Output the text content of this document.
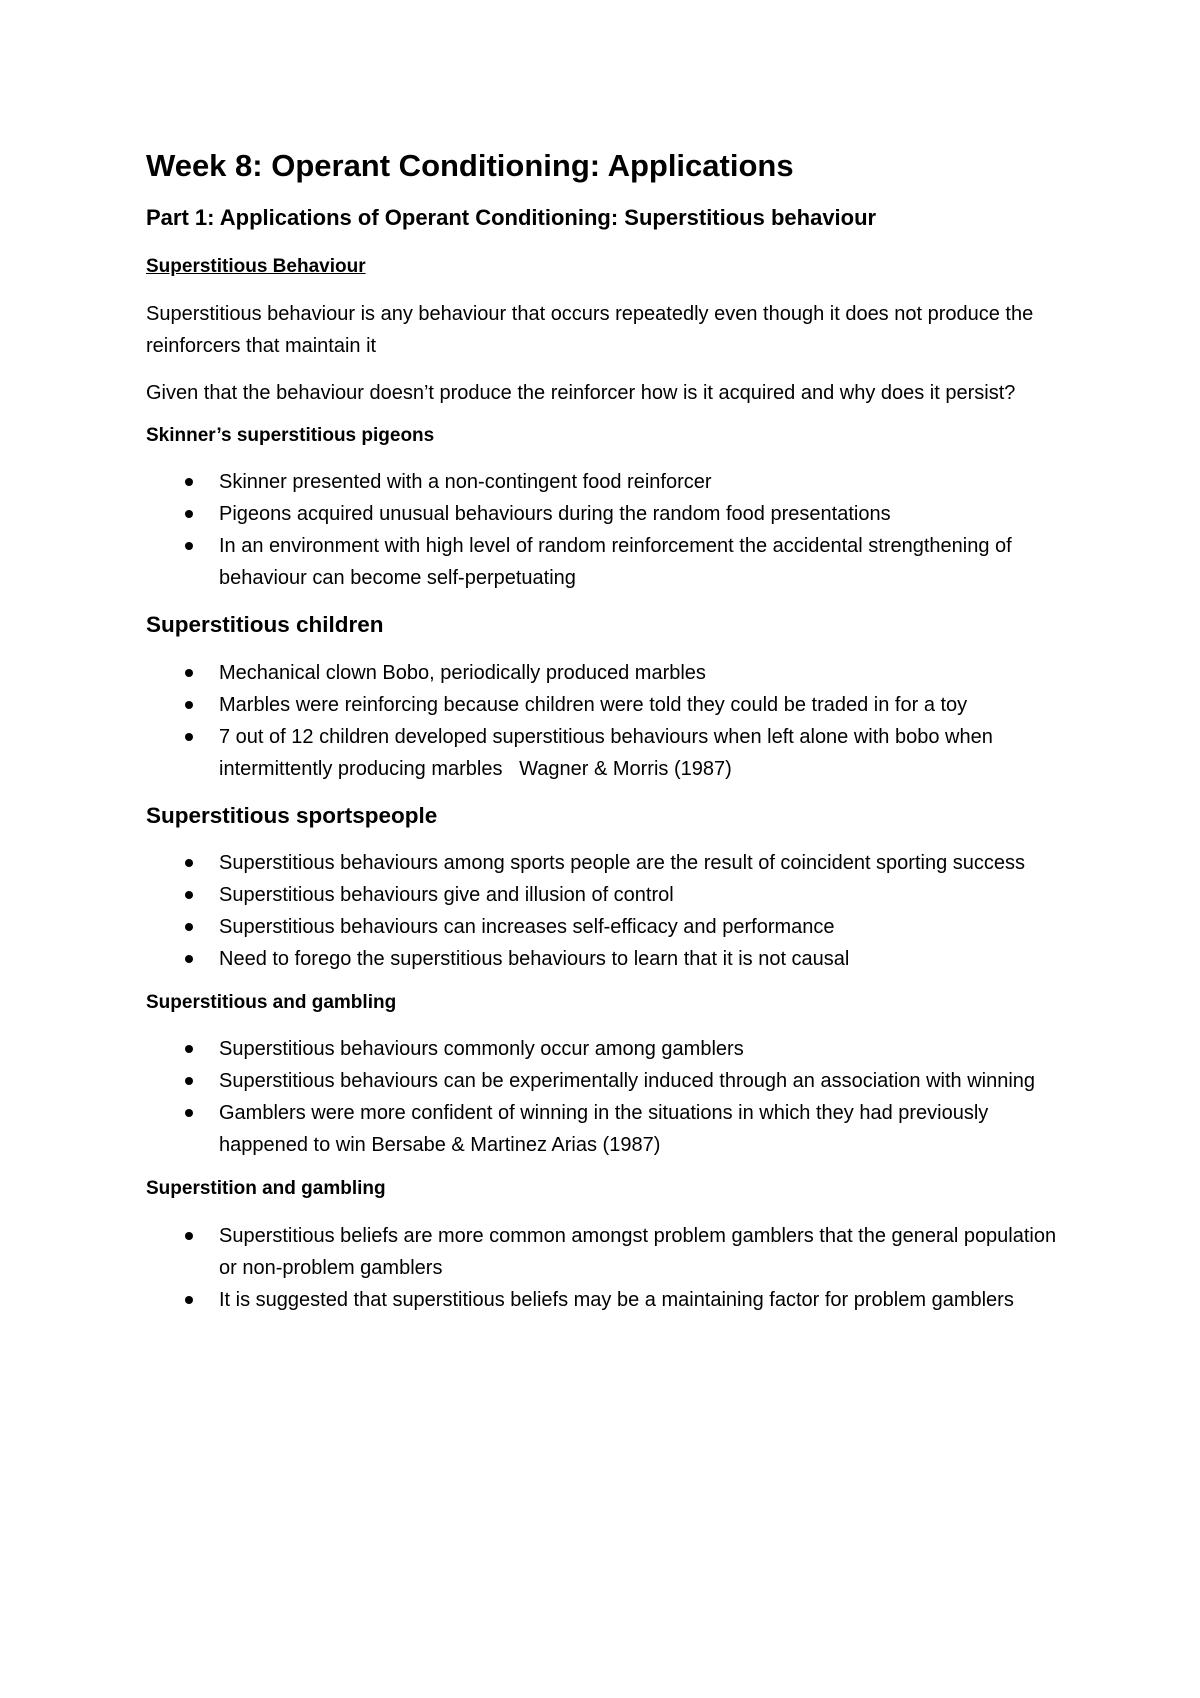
Week 8: Operant Conditioning: Applications
Part 1: Applications of Operant Conditioning: Superstitious behaviour
Superstitious Behaviour

Superstitious behaviour is any behaviour that occurs repeatedly even though it does not produce the reinforcers that maintain it

Given that the behaviour doesn’t produce the reinforcer how is it acquired and why does it persist?

Skinner’s superstitious pigeons
Skinner presented with a non-contingent food reinforcer
Pigeons acquired unusual behaviours during the random food presentations
In an environment with high level of random reinforcement the accidental strengthening of behaviour can become self-perpetuating
Superstitious children
Mechanical clown Bobo, periodically produced marbles
Marbles were reinforcing because children were told they could be traded in for a toy
7 out of 12 children developed superstitious behaviours when left alone with bobo when intermittently producing marbles   Wagner & Morris (1987)
Superstitious sportspeople
Superstitious behaviours among sports people are the result of coincident sporting success
Superstitious behaviours give and illusion of control
Superstitious behaviours can increases self-efficacy and performance
Need to forego the superstitious behaviours to learn that it is not causal
Superstitious and gambling
Superstitious behaviours commonly occur among gamblers
Superstitious behaviours can be experimentally induced through an association with winning
Gamblers were more confident of winning in the situations in which they had previously happened to win Bersabe & Martinez Arias (1987)
Superstition and gambling
Superstitious beliefs are more common amongst problem gamblers that the general population or non-problem gamblers
It is suggested that superstitious beliefs may be a maintaining factor for problem gamblers
